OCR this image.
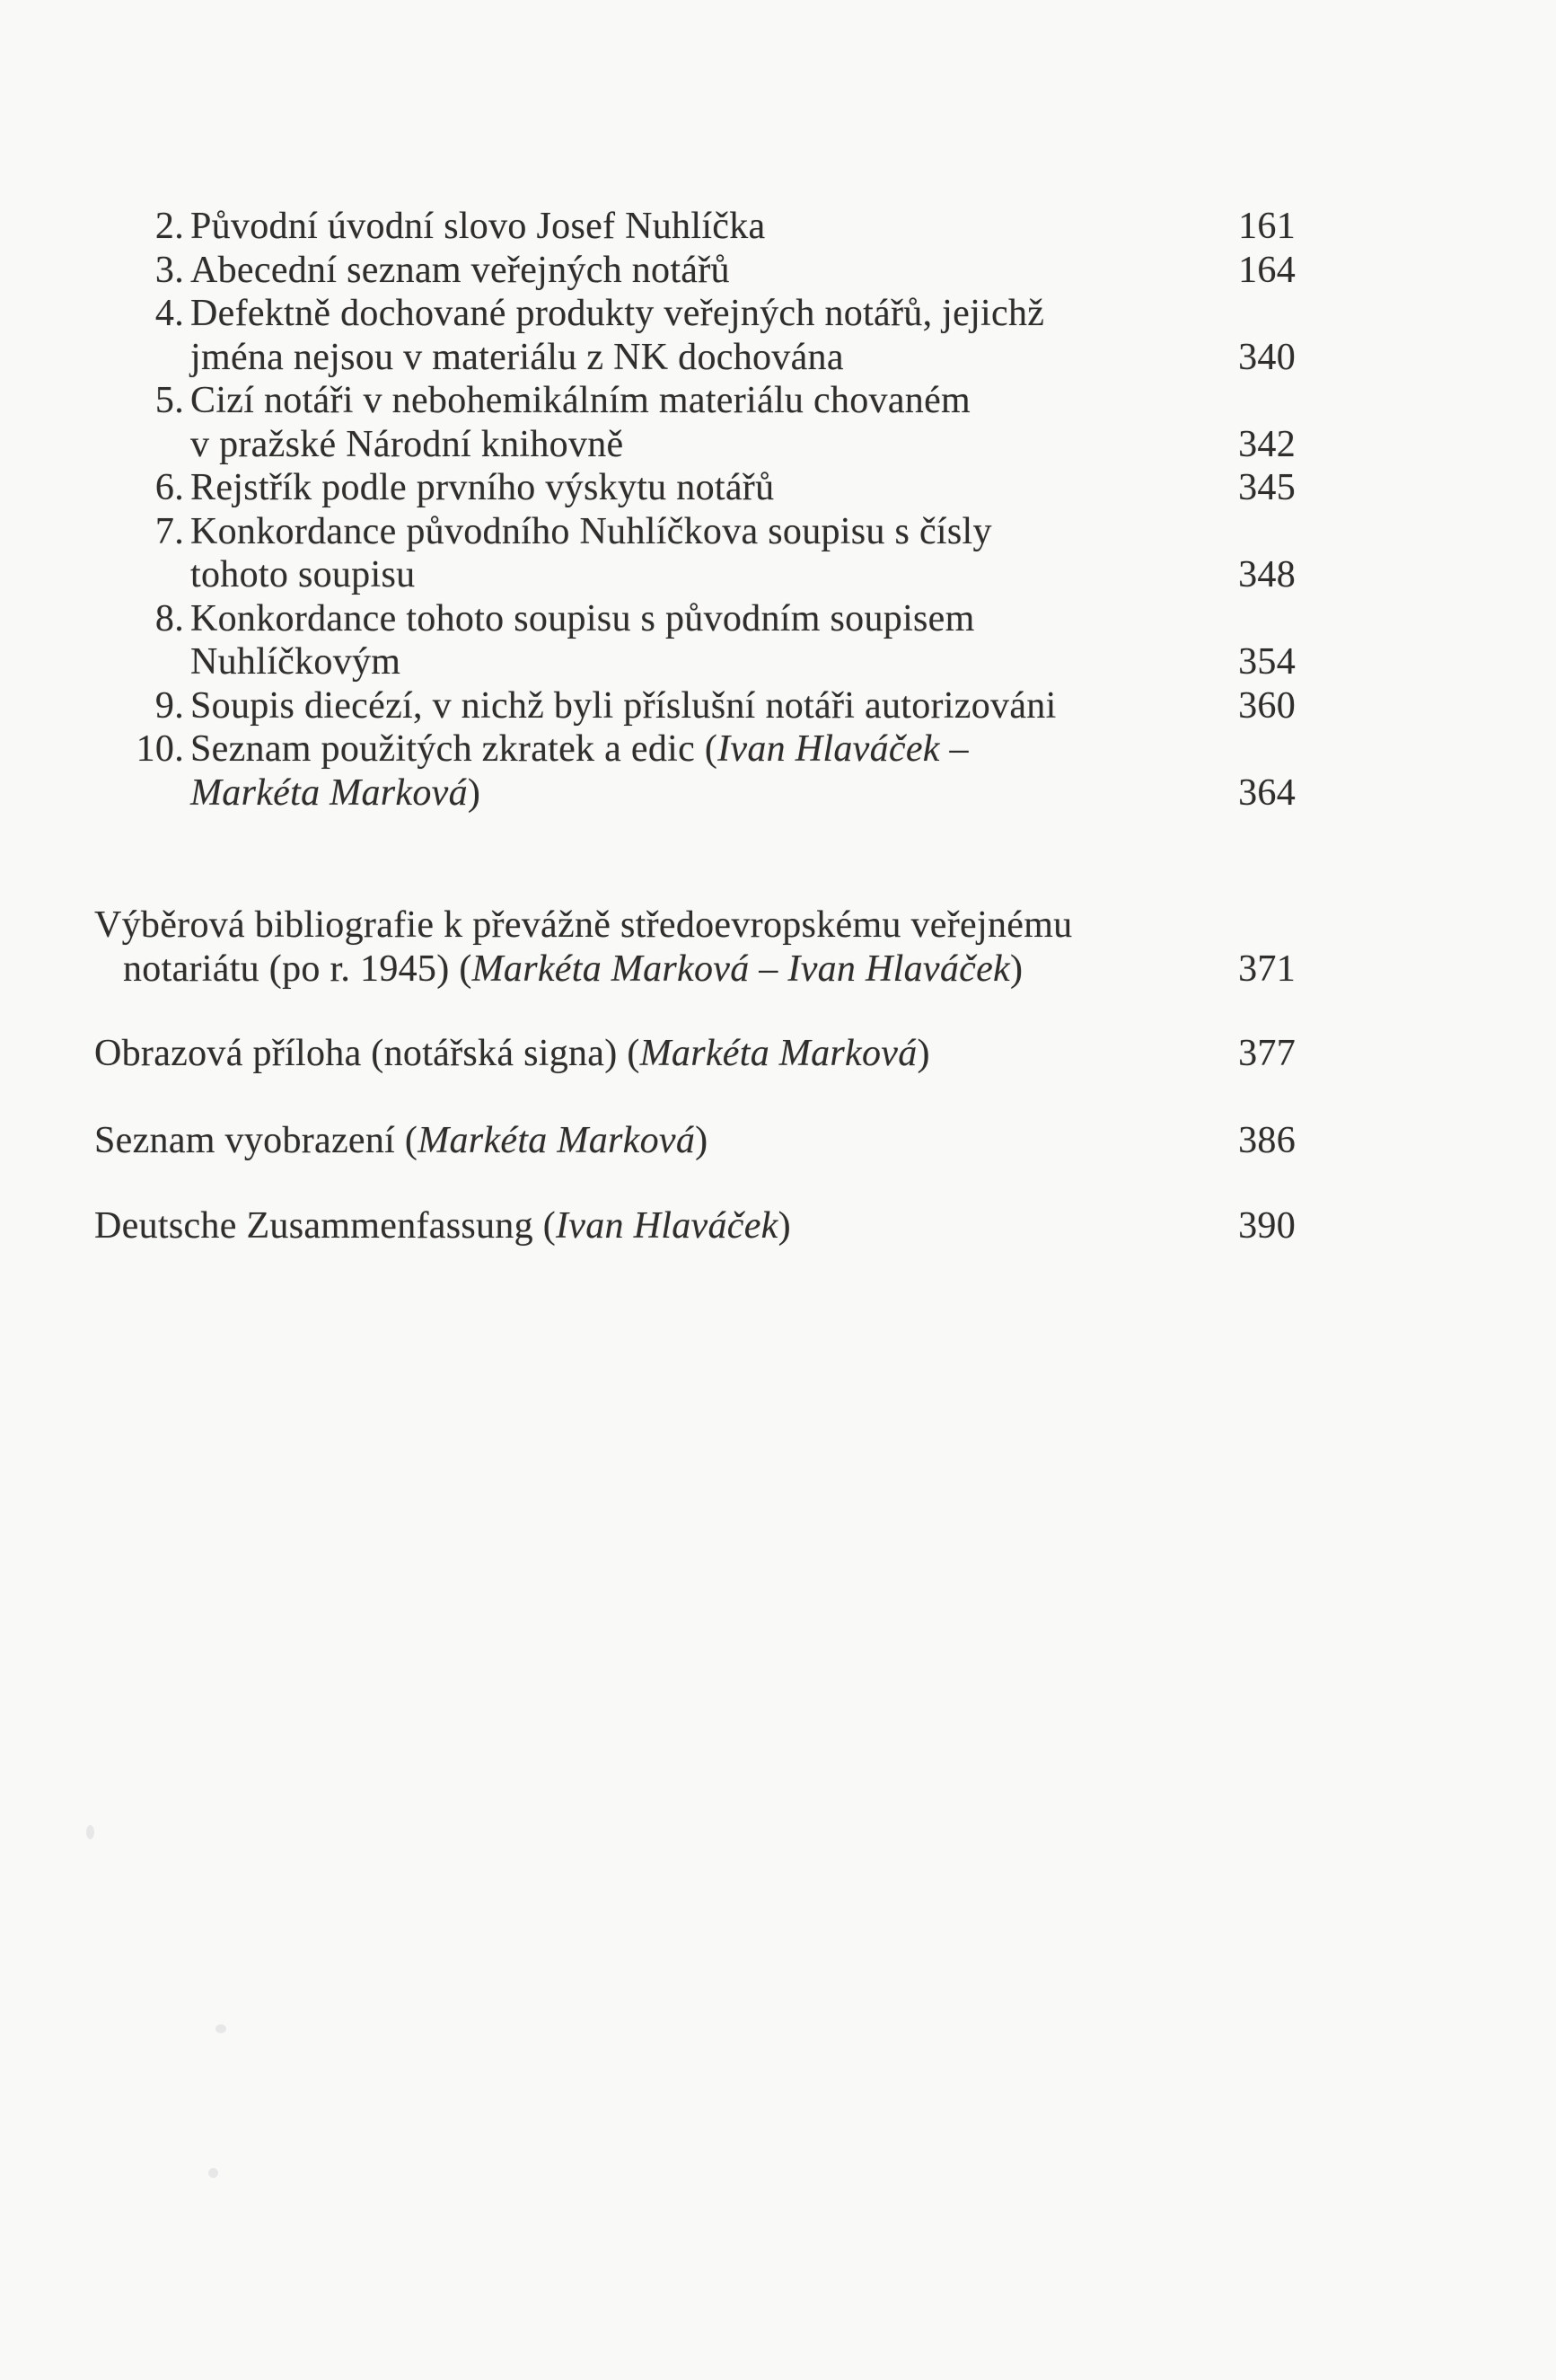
2. Původní úvodní slovo Josef Nuhlíčka	161
3. Abecední seznam veřejných notářů	164
4. Defektně dochované produkty veřejných notářů, jejichž
jména nejsou v materiálu z NK dochována	340
5. Cizí notáři v nebohemikálním materiálu chovaném
v pražské Národní knihovně	342
6. Rejstřík podle prvního výskytu notářů	345
7. Konkordance původního Nuhlíčkova soupisu s čísly
tohoto soupisu	348
8. Konkordance tohoto soupisu s původním soupisem
Nuhlíčkovým	354
9. Soupis diecézí, v nichž byli příslušní notáři autorizováni	360
10. Seznam použitých zkratek a edic (Ivan Hlaváček –
Markéta Marková)	364
Výběrová bibliografie k převážně středoevropskému veřejnému
notariátu (po r. 1945) (Markéta Marková – Ivan Hlaváček)	371
Obrazová příloha (notářská signa) (Markéta Marková)	377
Seznam vyobrazení (Markéta Marková)	386
Deutsche Zusammenfassung (Ivan Hlaváček)	390
